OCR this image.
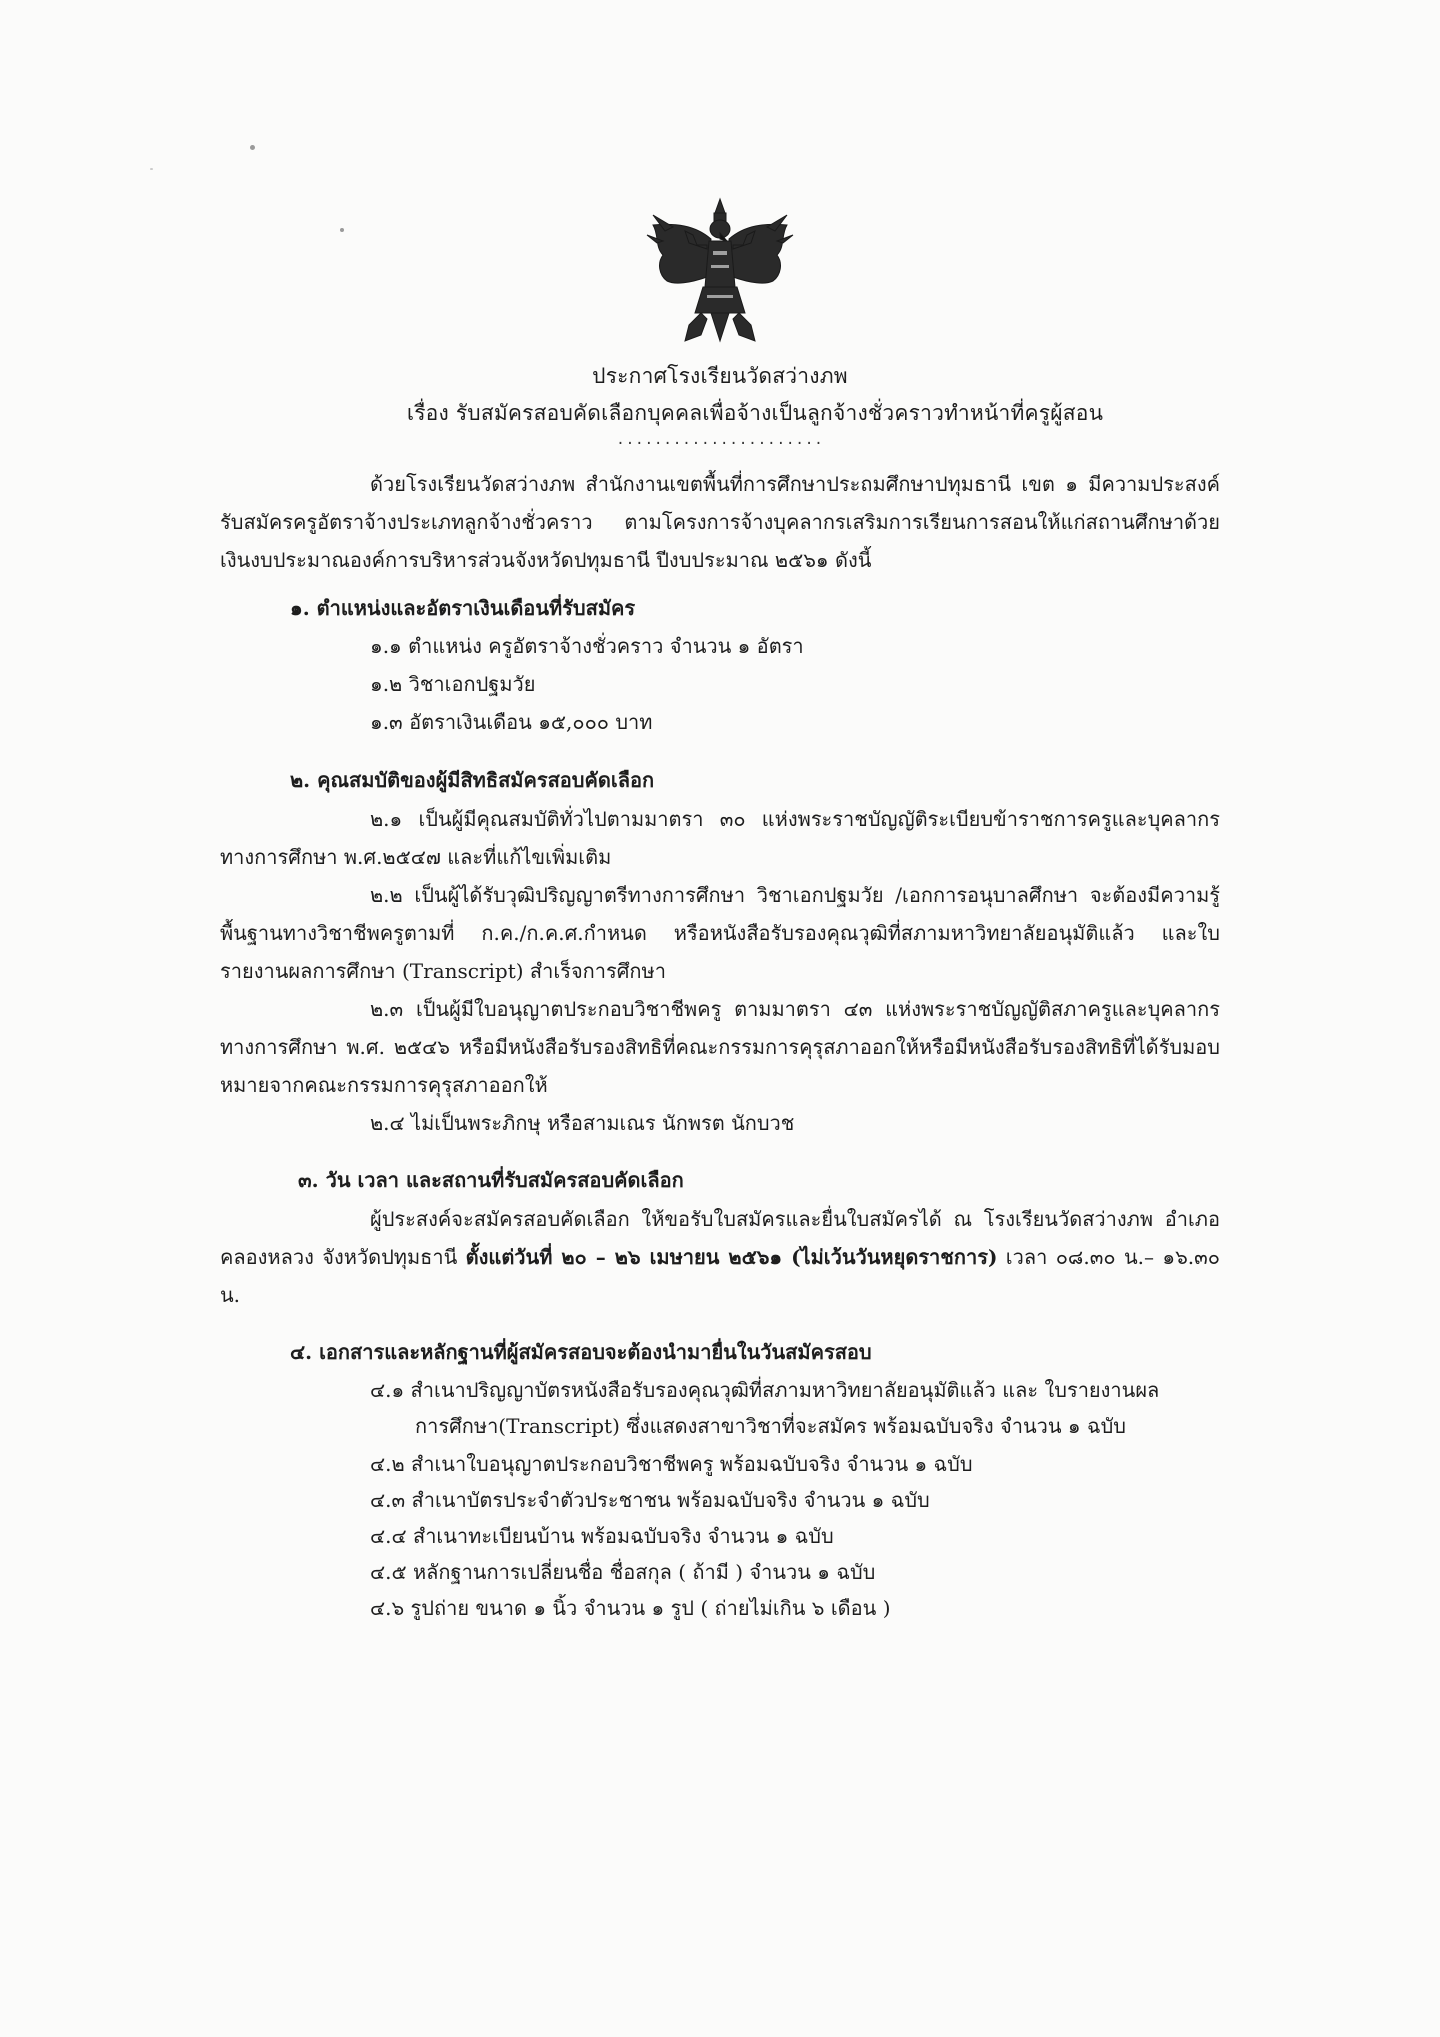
ประกาศโรงเรียนวัดสว่างภพ
เรื่อง รับสมัครสอบคัดเลือกบุคคลเพื่อจ้างเป็นลูกจ้างชั่วคราวทำหน้าที่ครูผู้สอน
......................
ด้วยโรงเรียนวัดสว่างภพ สำนักงานเขตพื้นที่การศึกษาประถมศึกษาปทุมธานี เขต ๑ มีความประสงค์รับสมัครครูอัตราจ้างประเภทลูกจ้างชั่วคราว ตามโครงการจ้างบุคลากรเสริมการเรียนการสอนให้แก่สถานศึกษาด้วยเงินงบประมาณองค์การบริหารส่วนจังหวัดปทุมธานี ปีงบประมาณ ๒๕๖๑ ดังนี้
๑. ตำแหน่งและอัตราเงินเดือนที่รับสมัคร
๑.๑ ตำแหน่ง ครูอัตราจ้างชั่วคราว จำนวน ๑ อัตรา
๑.๒ วิชาเอกปฐมวัย
๑.๓ อัตราเงินเดือน ๑๕,๐๐๐ บาท
๒. คุณสมบัติของผู้มีสิทธิสมัครสอบคัดเลือก
๒.๑ เป็นผู้มีคุณสมบัติทั่วไปตามมาตรา ๓๐ แห่งพระราชบัญญัติระเบียบข้าราชการครูและบุคลากรทางการศึกษา พ.ศ.๒๕๔๗ และที่แก้ไขเพิ่มเติม
๒.๒ เป็นผู้ได้รับวุฒิปริญญาตรีทางการศึกษา วิชาเอกปฐมวัย /เอกการอนุบาลศึกษา จะต้องมีความรู้พื้นฐานทางวิชาชีพครูตามที่ ก.ค./ก.ค.ศ.กำหนด หรือหนังสือรับรองคุณวุฒิที่สภามหาวิทยาลัยอนุมัติแล้ว และใบรายงานผลการศึกษา (Transcript) สำเร็จการศึกษา
๒.๓ เป็นผู้มีใบอนุญาตประกอบวิชาชีพครู ตามมาตรา ๔๓ แห่งพระราชบัญญัติสภาครูและบุคลากรทางการศึกษา พ.ศ. ๒๕๔๖ หรือมีหนังสือรับรองสิทธิที่คณะกรรมการคุรุสภาออกให้หรือมีหนังสือรับรองสิทธิที่ได้รับมอบหมายจากคณะกรรมการคุรุสภาออกให้
๒.๔ ไม่เป็นพระภิกษุ หรือสามเณร นักพรต นักบวช
๓. วัน เวลา และสถานที่รับสมัครสอบคัดเลือก
ผู้ประสงค์จะสมัครสอบคัดเลือก ให้ขอรับใบสมัครและยื่นใบสมัครได้ ณ โรงเรียนวัดสว่างภพ อำเภอคลองหลวง จังหวัดปทุมธานี ตั้งแต่วันที่ ๒๐ – ๒๖ เมษายน ๒๕๖๑ (ไม่เว้นวันหยุดราชการ) เวลา ๐๘.๓๐ น.– ๑๖.๓๐ น.
๔. เอกสารและหลักฐานที่ผู้สมัครสอบจะต้องนำมายื่นในวันสมัครสอบ
๔.๑ สำเนาปริญญาบัตรหนังสือรับรองคุณวุฒิที่สภามหาวิทยาลัยอนุมัติแล้ว และ ใบรายงานผล
การศึกษา(Transcript) ซึ่งแสดงสาขาวิชาที่จะสมัคร พร้อมฉบับจริง จำนวน ๑ ฉบับ
๔.๒ สำเนาใบอนุญาตประกอบวิชาชีพครู พร้อมฉบับจริง จำนวน ๑ ฉบับ
๔.๓ สำเนาบัตรประจำตัวประชาชน พร้อมฉบับจริง จำนวน ๑ ฉบับ
๔.๔ สำเนาทะเบียนบ้าน พร้อมฉบับจริง จำนวน ๑ ฉบับ
๔.๕ หลักฐานการเปลี่ยนชื่อ ชื่อสกุล ( ถ้ามี ) จำนวน ๑ ฉบับ
๔.๖ รูปถ่าย ขนาด ๑ นิ้ว จำนวน ๑ รูป ( ถ่ายไม่เกิน ๖ เดือน )
